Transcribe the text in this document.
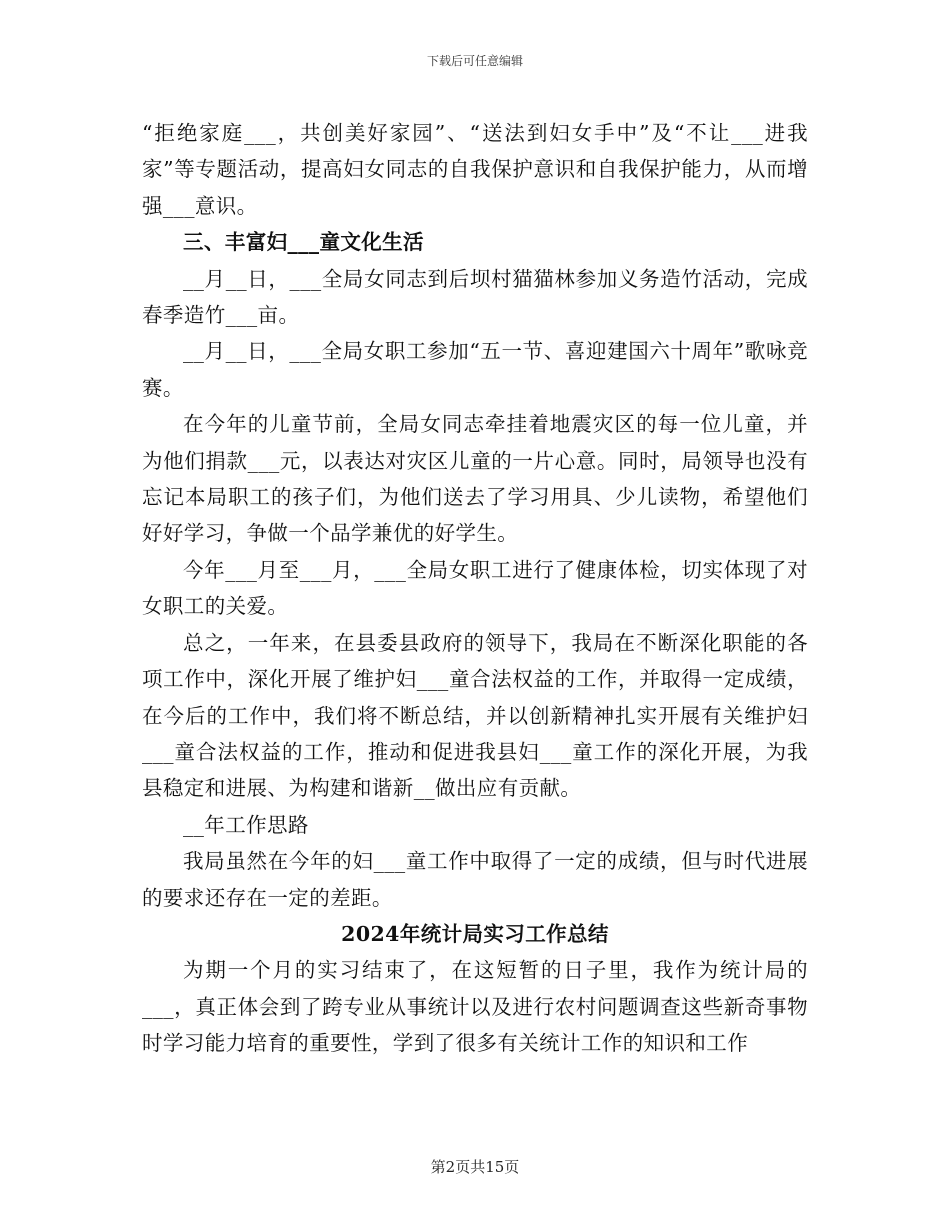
下载后可任意编辑

“拒绝家庭___，共创美好家园”、“送法到妇女手中”及“不让___进我家”等专题活动，提高妇女同志的自我保护意识和自我保护能力，从而增强___意识。

三、丰富妇___童文化生活

__月__日，___全局女同志到后坝村猫猫林参加义务造竹活动，完成春季造竹___亩。

__月__日，___全局女职工参加“五一节、喜迎建国六十周年”歌咏竞赛。

在今年的儿童节前，全局女同志牵挂着地震灾区的每一位儿童，并为他们捐款___元，以表达对灾区儿童的一片心意。同时，局领导也没有忘记本局职工的孩子们，为他们送去了学习用具、少儿读物，希望他们好好学习，争做一个品学兼优的好学生。

今年___月至___月，___全局女职工进行了健康体检，切实体现了对女职工的关爱。

总之，一年来，在县委县政府的领导下，我局在不断深化职能的各项工作中，深化开展了维护妇___童合法权益的工作，并取得一定成绩，在今后的工作中，我们将不断总结，并以创新精神扎实开展有关维护妇___童合法权益的工作，推动和促进我县妇___童工作的深化开展，为我县稳定和进展、为构建和谐新__做出应有贡献。

__年工作思路

我局虽然在今年的妇___童工作中取得了一定的成绩，但与时代进展的要求还存在一定的差距。

2024年统计局实习工作总结

为期一个月的实习结束了，在这短暂的日子里，我作为统计局的___，真正体会到了跨专业从事统计以及进行农村问题调查这些新奇事物时学习能力培育的重要性，学到了很多有关统计工作的知识和工作

第2页共15页
